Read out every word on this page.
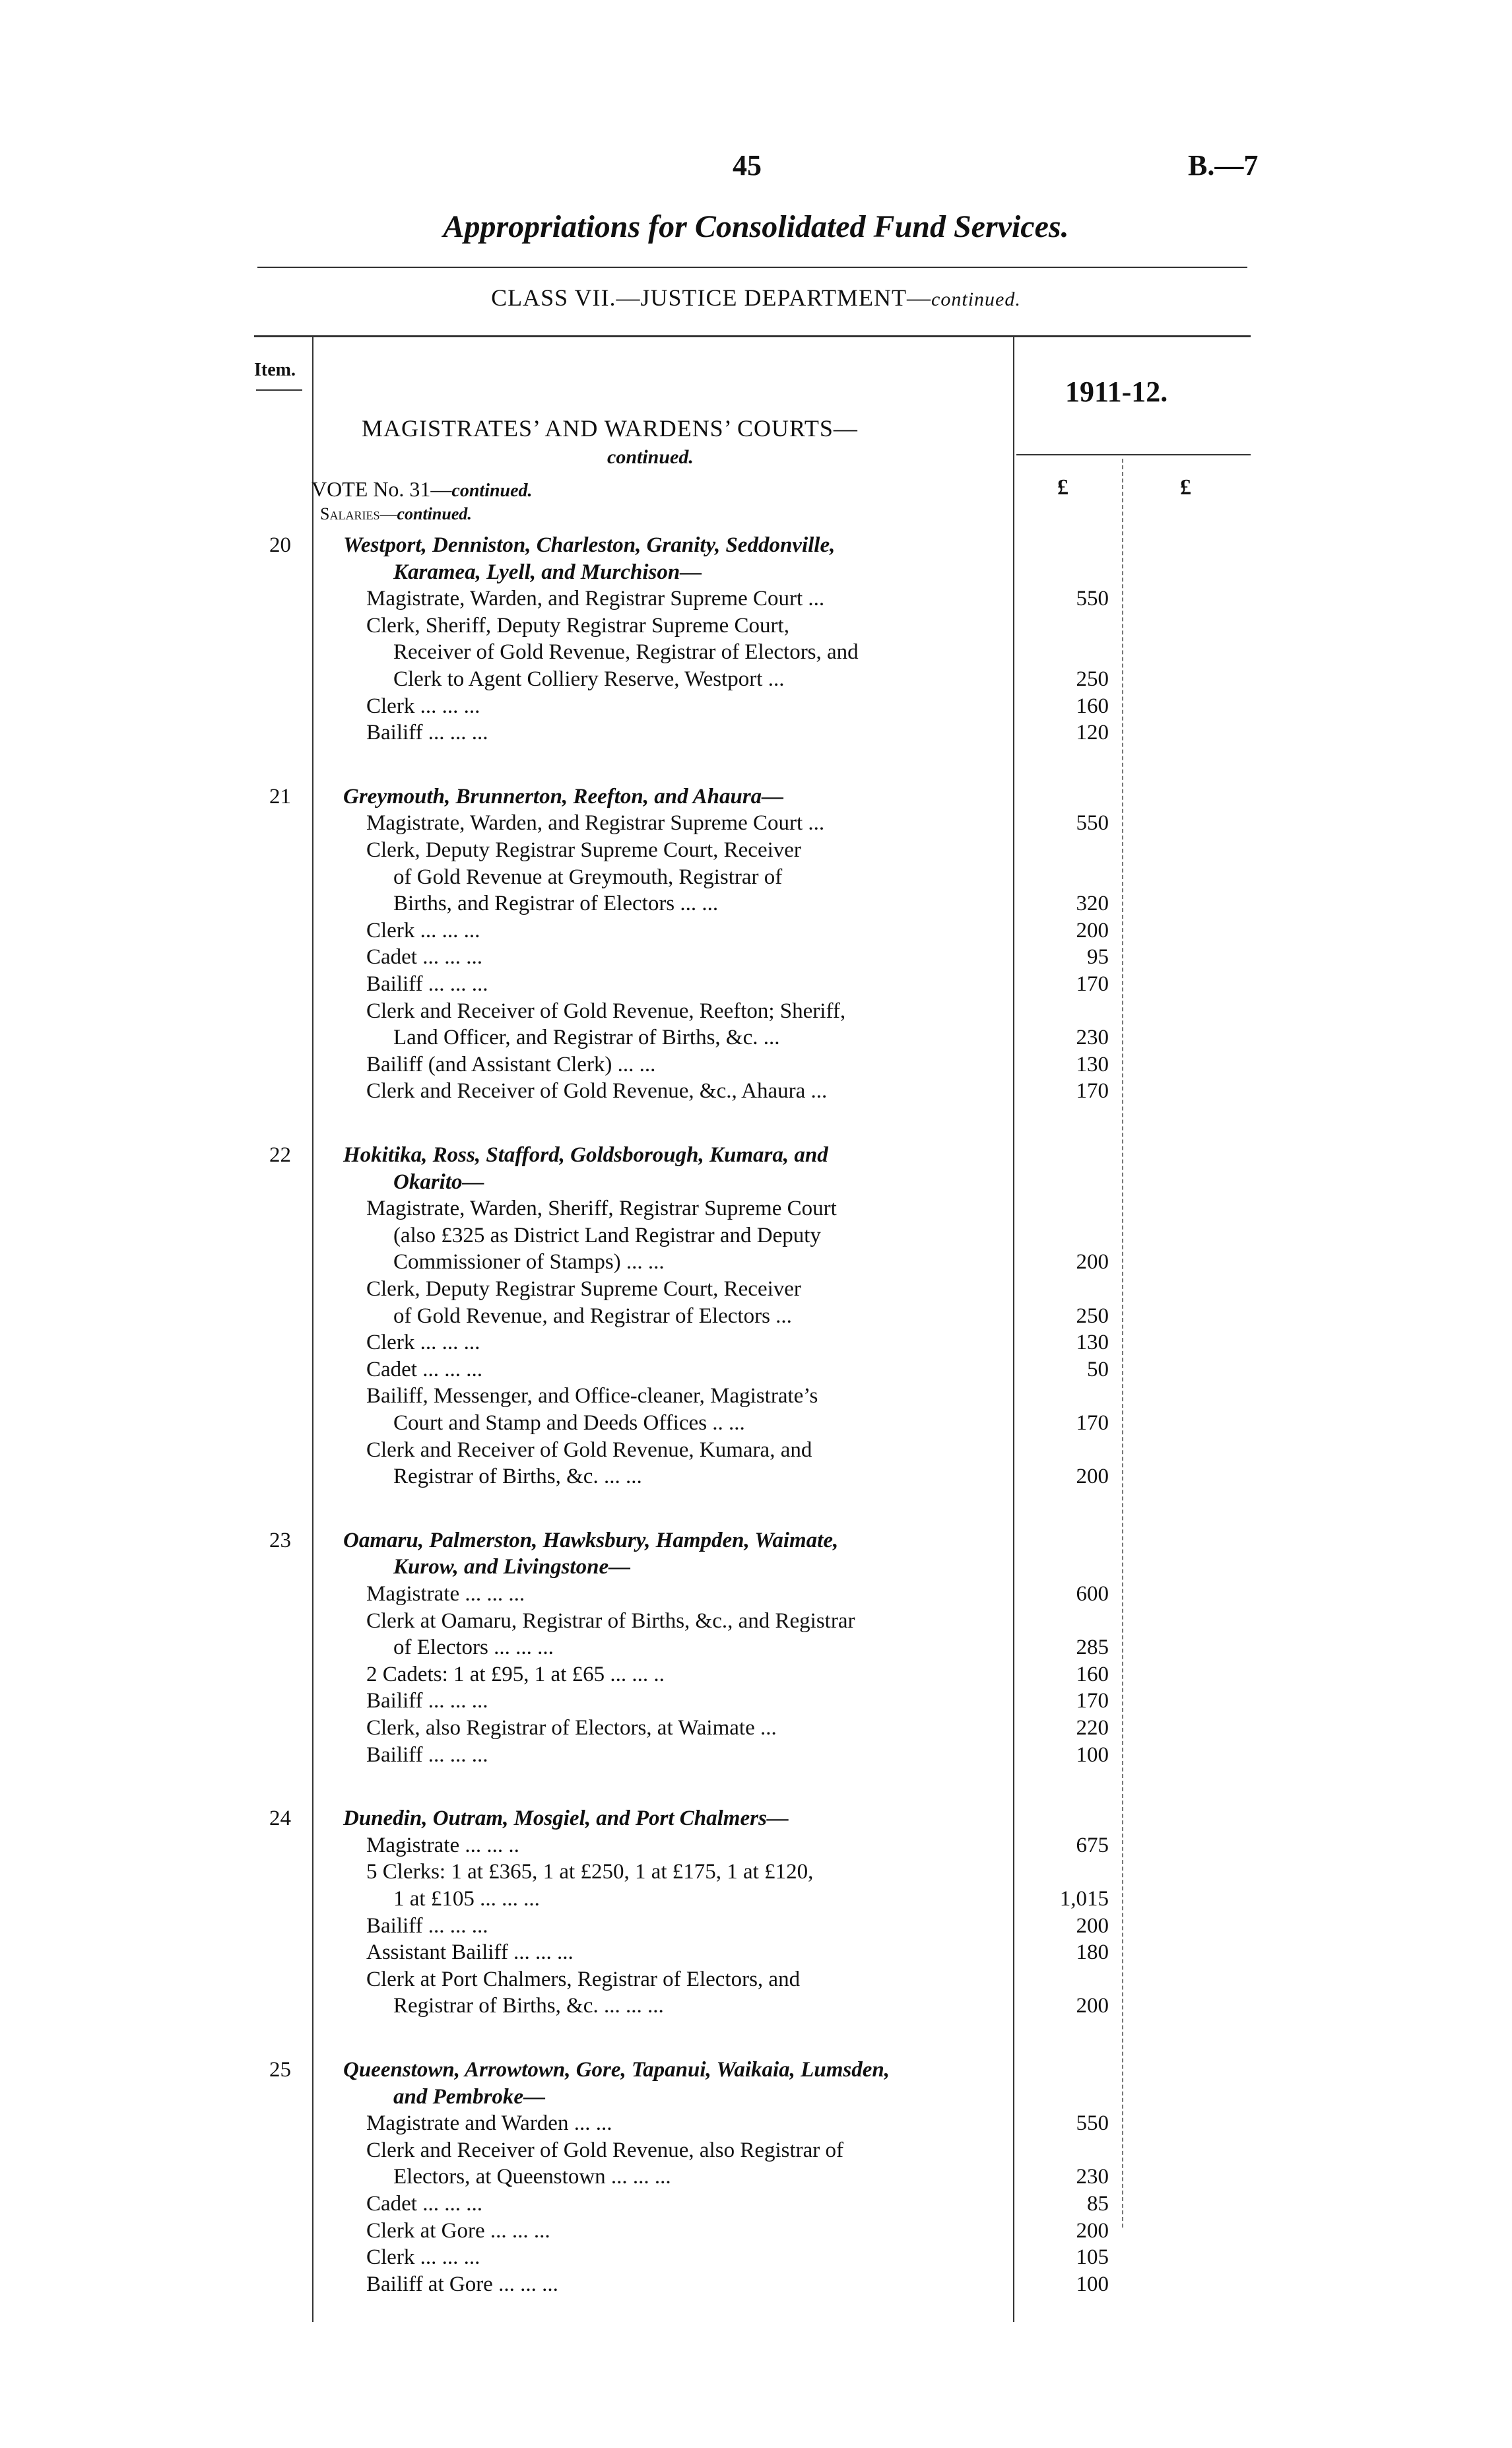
45	B.—7
Appropriations for Consolidated Fund Services.
CLASS VII.—JUSTICE DEPARTMENT—continued.
Item.
1911-12.
MAGISTRATES’ AND WARDENS’ COURTS—
continued.
VOTE No. 31—continued.
Salaries—continued.
£	£
20 Westport, Denniston, Charleston, Granity, Seddonville,
Karamea, Lyell, and Murchison—
Magistrate, Warden, and Registrar Supreme Court ...	550
Clerk, Sheriff, Deputy Registrar Supreme Court,
Receiver of Gold Revenue, Registrar of Electors, and
Clerk to Agent Colliery Reserve, Westport ...	250
Clerk ... ... ...	160
Bailiff ... ... ...	120
21 Greymouth, Brunnerton, Reefton, and Ahaura—
Magistrate, Warden, and Registrar Supreme Court ...	550
Clerk, Deputy Registrar Supreme Court, Receiver
of Gold Revenue at Greymouth, Registrar of
Births, and Registrar of Electors ... ...	320
Clerk ... ... ...	200
Cadet ... ... ...	95
Bailiff ... ... ...	170
Clerk and Receiver of Gold Revenue, Reefton; Sheriff,
Land Officer, and Registrar of Births, &c. ...	230
Bailiff (and Assistant Clerk) ... ...	130
Clerk and Receiver of Gold Revenue, &c., Ahaura ...	170
22 Hokitika, Ross, Stafford, Goldsborough, Kumara, and
Okarito—
Magistrate, Warden, Sheriff, Registrar Supreme Court
(also £325 as District Land Registrar and Deputy
Commissioner of Stamps) ... ...	200
Clerk, Deputy Registrar Supreme Court, Receiver
of Gold Revenue, and Registrar of Electors ...	250
Clerk ... ... ...	130
Cadet ... ... ...	50
Bailiff, Messenger, and Office-cleaner, Magistrate’s
Court and Stamp and Deeds Offices .. ...	170
Clerk and Receiver of Gold Revenue, Kumara, and
Registrar of Births, &c. ... ...	200
23 Oamaru, Palmerston, Hawksbury, Hampden, Waimate,
Kurow, and Livingstone—
Magistrate ... ... ...	600
Clerk at Oamaru, Registrar of Births, &c., and Registrar
of Electors ... ... ...	285
2 Cadets: 1 at £95, 1 at £65 ... ... ..	160
Bailiff ... ... ...	170
Clerk, also Registrar of Electors, at Waimate ...	220
Bailiff ... ... ...	100
24 Dunedin, Outram, Mosgiel, and Port Chalmers—
Magistrate ... ... ..	675
5 Clerks: 1 at £365, 1 at £250, 1 at £175, 1 at £120,
1 at £105 ... ... ...	1,015
Bailiff ... ... ...	200
Assistant Bailiff ... ... ...	180
Clerk at Port Chalmers, Registrar of Electors, and
Registrar of Births, &c. ... ... ...	200
25 Queenstown, Arrowtown, Gore, Tapanui, Waikaia, Lumsden,
and Pembroke—
Magistrate and Warden ... ...	550
Clerk and Receiver of Gold Revenue, also Registrar of
Electors, at Queenstown ... ... ...	230
Cadet ... ... ...	85
Clerk at Gore ... ... ...	200
Clerk ... ... ...	105
Bailiff at Gore ... ... ...	100
